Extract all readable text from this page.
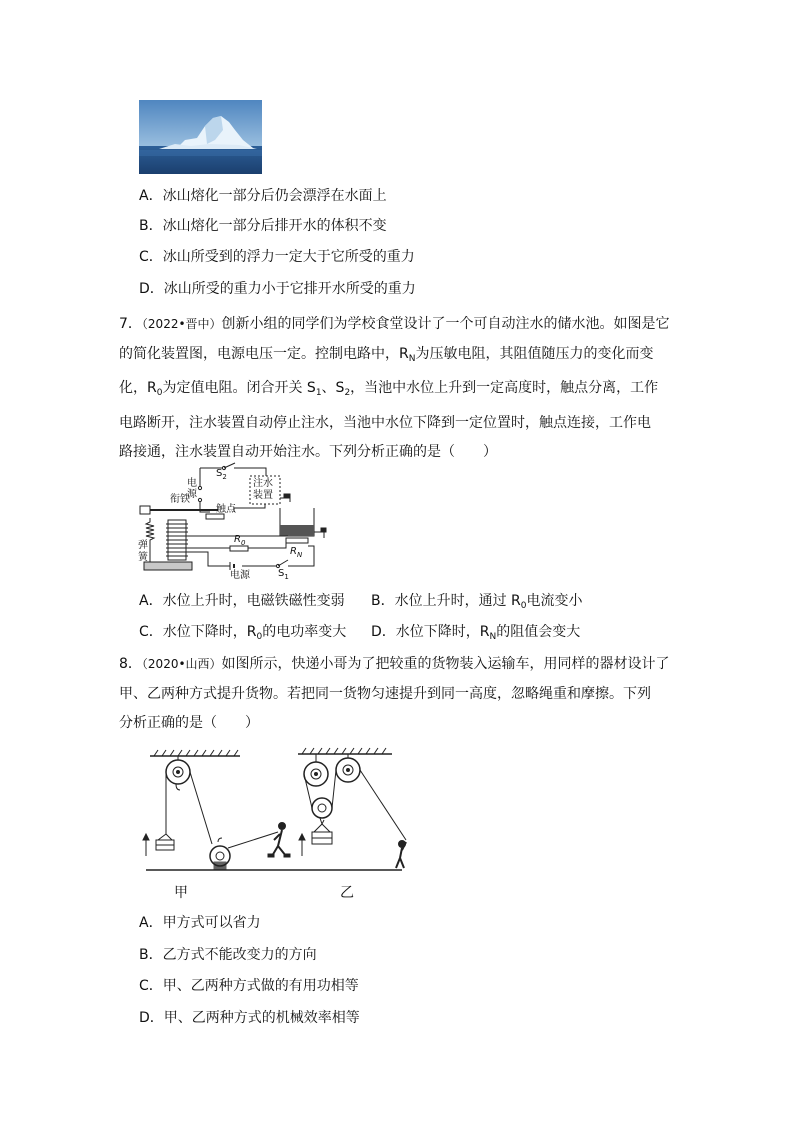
A．冰山熔化一部分后仍会漂浮在水面上
B．冰山熔化一部分后排开水的体积不变
C．冰山所受到的浮力一定大于它所受的重力
D．冰山所受的重力小于它排开水所受的重力
7．（2022•晋中）创新小组的同学们为学校食堂设计了一个可自动注水的储水池。如图是它
的简化装置图，电源电压一定。控制电路中，$R_N$为压敏电阻，其阻值随压力的变化而变
化，$R_0$为定值电阻。闭合开关 $S_1$、$S_2$，当池中水位上升到一定高度时，触点分离，工作
电路断开，注水装置自动停止注水，当池中水位下降到一定位置时，触点连接，工作电
路接通，注水装置自动开始注水。下列分析正确的是（　　）
$S_2$
电
源
注水
装置
衔铁
触点
弹
簧
$R_0$
$R_N$
电源	$S_1$
A．水位上升时，电磁铁磁性变弱 B．水位上升时，通过 $R_0$电流变小
C．水位下降时，$R_0$的电功率变大 D．水位下降时，$R_N$的阻值会变大
8．（2020•山西）如图所示，快递小哥为了把较重的货物装入运输车，用同样的器材设计了
甲、乙两种方式提升货物。若把同一货物匀速提升到同一高度，忽略绳重和摩擦。下列
分析正确的是（　　）
甲	乙
A．甲方式可以省力
B．乙方式不能改变力的方向
C．甲、乙两种方式做的有用功相等
D．甲、乙两种方式的机械效率相等
